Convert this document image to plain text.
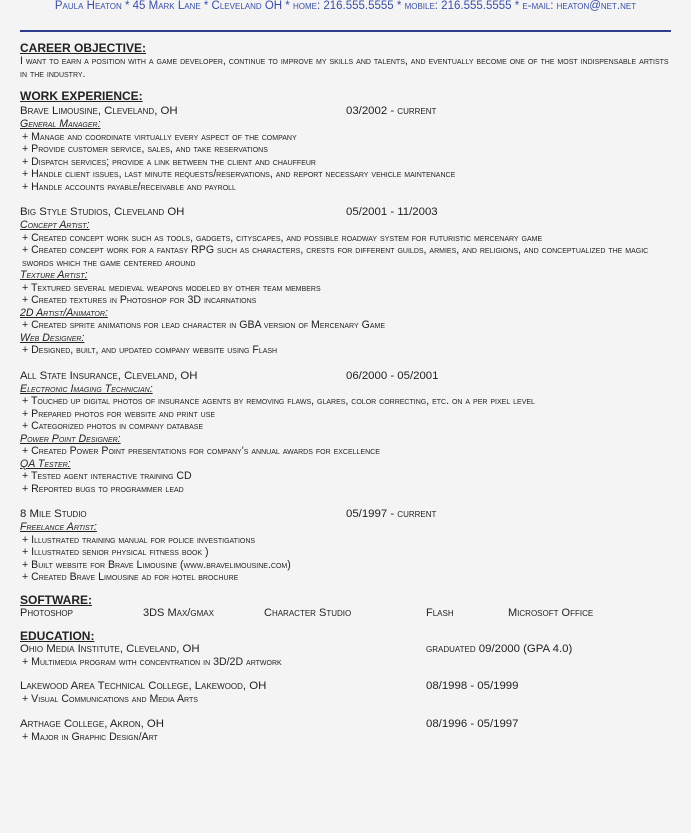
Paula Heaton * 45 Mark Lane * Cleveland OH * home: 216.555.5555 * mobile: 216.555.5555 * e-mail: heaton@net.net
CAREER OBJECTIVE:
I want to earn a position with a game developer, continue to improve my skills and talents, and eventually become one of the most indispensable artists in the industry.
WORK EXPERIENCE:
Brave Limousine, Cleveland, OH	03/2002 - current
General Manager:
+ Manage and coordinate virtually every aspect of the company
+ Provide customer service, sales, and take reservations
+ Dispatch services; provide a link between the client and chauffeur
+ Handle client issues, last minute requests/reservations, and report necessary vehicle maintenance
+ Handle accounts payable/receivable and payroll
Big Style Studios, Cleveland OH	05/2001 - 11/2003
Concept Artist:
+ Created concept work such as tools, gadgets, cityscapes, and possible roadway system for futuristic mercenary game
+ Created concept work for a fantasy RPG such as characters, crests for different guilds, armies, and religions, and conceptualized the magic swords which the game centered around
Texture Artist:
+ Textured several medieval weapons modeled by other team members
+ Created textures in Photoshop for 3D incarnations
2D Artist/Animator:
+ Created sprite animations for lead character in GBA version of Mercenary Game
Web Designer:
+ Designed, built, and updated company website using Flash
All State Insurance, Cleveland, OH	06/2000 - 05/2001
Electronic Imaging Technician:
+ Touched up digital photos of insurance agents by removing flaws, glares, color correcting, etc. on a per pixel level
+ Prepared photos for website and print use
+ Categorized photos in company database
Power Point Designer:
+ Created Power Point presentations for company's annual awards for excellence
QA Tester:
+ Tested agent interactive training CD
+ Reported bugs to programmer lead
8 Mile Studio	05/1997 - current
Freelance Artist:
+ Illustrated training manual for police investigations
+ Illustrated senior physical fitness book )
+ Built website for Brave Limousine (www.bravelimousine.com)
+ Created Brave Limousine ad for hotel brochure
SOFTWARE:
Photoshop	3DS Max/gmax	Character Studio	Flash	Microsoft Office
EDUCATION:
Ohio Media Institute, Cleveland, OH	graduated 09/2000 (GPA 4.0)
+ Multimedia program with concentration in 3D/2D artwork
Lakewood Area Technical College, Lakewood, OH	08/1998 - 05/1999
+ Visual Communications and Media Arts
Arthage College, Akron, OH	08/1996 - 05/1997
+ Major in Graphic Design/Art
